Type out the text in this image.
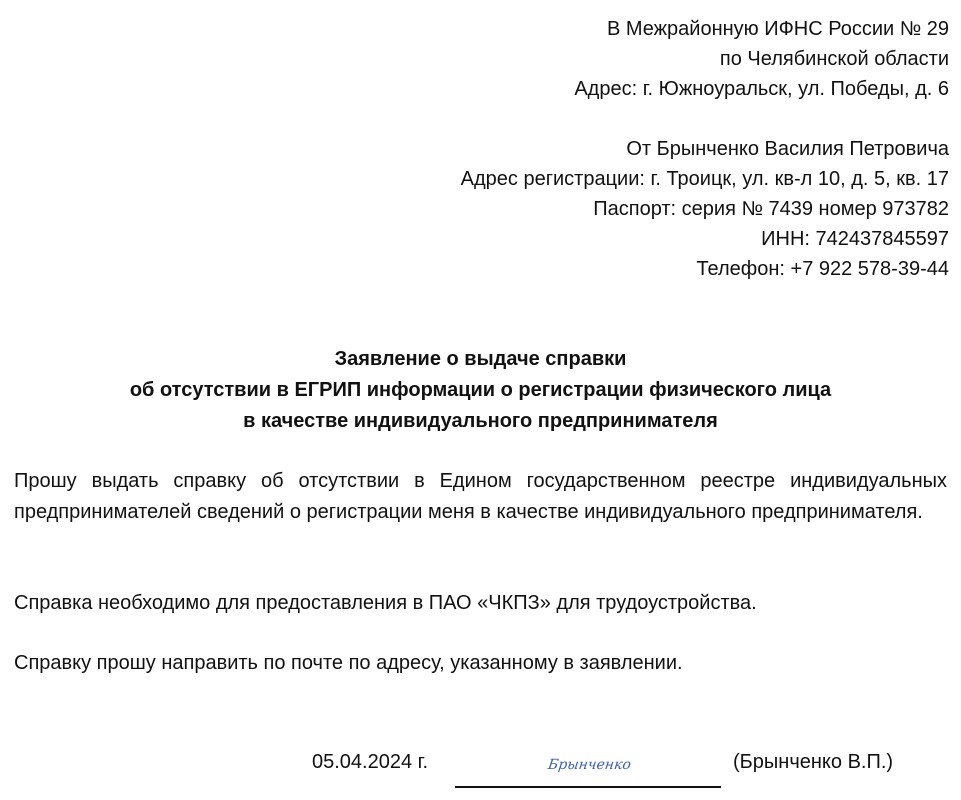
В Межрайонную ИФНС России № 29
по Челябинской области
Адрес: г. Южноуральск, ул. Победы, д. 6
От Брынченко Василия Петровича
Адрес регистрации: г. Троицк, ул. кв-л 10, д. 5, кв. 17
Паспорт: серия № 7439 номер 973782
ИНН: 742437845597
Телефон: +7 922 578-39-44
Заявление о выдаче справки
об отсутствии в ЕГРИП информации о регистрации физического лица
в качестве индивидуального предпринимателя
Прошу выдать справку об отсутствии в Едином государственном реестре индивидуальных предпринимателей сведений о регистрации меня в качестве индивидуального предпринимателя.
Справка необходимо для предоставления в ПАО «ЧКПЗ» для трудоустройства.
Справку прошу направить по почте по адресу, указанному в заявлении.
05.04.2024 г.	Брынченко	(Брынченко В.П.)
